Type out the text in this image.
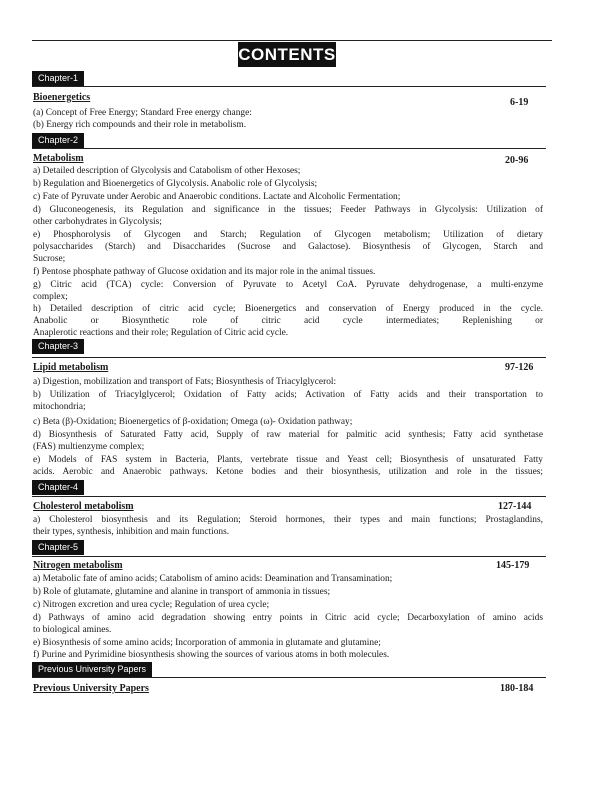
CONTENTS
Chapter-1
Bioenergetics	6-19
(a) Concept of Free Energy; Standard Free energy change:
(b) Energy rich compounds and their role in metabolism.
Chapter-2
Metabolism	20-96
a) Detailed description of Glycolysis and Catabolism of other Hexoses;
b) Regulation and Bioenergetics of Glycolysis. Anabolic role of Glycolysis;
c) Fate of Pyruvate under Aerobic and Anaerobic conditions. Lactate and Alcoholic Fermentation;
d) Gluconeogenesis, its Regulation and significance in the tissues; Feeder Pathways in Glycolysis: Utilization of
other carbohydrates in Glycolysis;
e) Phosphorolysis of Glycogen and Starch; Regulation of Glycogen metabolism; Utilization of dietary
polysaccharides (Starch) and Disaccharides (Sucrose and Galactose). Biosynthesis of Glycogen, Starch and
Sucrose;
f) Pentose phosphate pathway of Glucose oxidation and its major role in the animal tissues.
g) Citric acid (TCA) cycle: Conversion of Pyruvate to Acetyl CoA. Pyruvate dehydrogenase, a multi-enzyme
complex;
h) Detailed description of citric acid cycle; Bioenergetics and conservation of Energy produced in the cycle.
Anabolic or Biosynthetic role of citric acid cycle intermediates; Replenishing or
Anaplerotic reactions and their role; Regulation of Citric acid cycle.
Chapter-3
Lipid metabolism	97-126
a) Digestion, mobilization and transport of Fats; Biosynthesis of Triacylglycerol:
b) Utilization of Triacylglycerol; Oxidation of Fatty acids; Activation of Fatty acids and their transportation to
mitochondria;
c) Beta (β)-Oxidation; Bioenergetics of β-oxidation; Omega (ω)- Oxidation pathway;
d) Biosynthesis of Saturated Fatty acid, Supply of raw material for palmitic acid synthesis; Fatty acid synthetase
(FAS) multienzyme complex;
e) Models of FAS system in Bacteria, Plants, vertebrate tissue and Yeast cell; Biosynthesis of unsaturated Fatty
acids. Aerobic and Anaerobic pathways. Ketone bodies and their biosynthesis, utilization and role in the tissues;
Chapter-4
Cholesterol metabolism	127-144
a) Cholesterol biosynthesis and its Regulation; Steroid hormones, their types and main functions; Prostaglandins,
their types, synthesis, inhibition and main functions.
Chapter-5
Nitrogen metabolism	145-179
a) Metabolic fate of amino acids; Catabolism of amino acids: Deamination and Transamination;
b) Role of glutamate, glutamine and alanine in transport of ammonia in tissues;
c) Nitrogen excretion and urea cycle; Regulation of urea cycle;
d) Pathways of amino acid degradation showing entry points in Citric acid cycle; Decarboxylation of amino acids
to biological amines.
e) Biosynthesis of some amino acids; Incorporation of ammonia in glutamate and glutamine;
f) Purine and Pyrimidine biosynthesis showing the sources of various atoms in both molecules.
Previous University Papers
Previous University Papers	180-184
